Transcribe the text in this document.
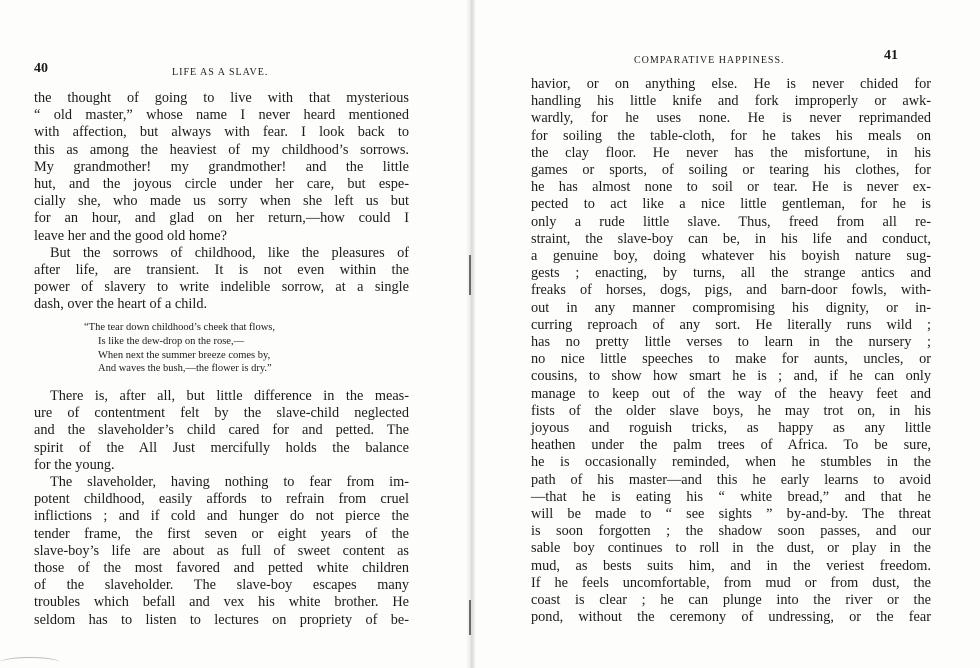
40	LIFE AS A SLAVE.
the thought of going to live with that mysterious
“ old master,” whose name I never heard mentioned
with affection, but always with fear. I look back to
this as among the heaviest of my childhood’s sorrows.
My grandmother! my grandmother! and the little
hut, and the joyous circle under her care, but espe-
cially she, who made us sorry when she left us but
for an hour, and glad on her return,—how could I
leave her and the good old home?
But the sorrows of childhood, like the pleasures of
after life, are transient. It is not even within the
power of slavery to write indelible sorrow, at a single
dash, over the heart of a child.
“The tear down childhood’s cheek that flows,
Is like the dew-drop on the rose,—
When next the summer breeze comes by,
And waves the bush,—the flower is dry.”
There is, after all, but little difference in the meas-
ure of contentment felt by the slave-child neglected
and the slaveholder’s child cared for and petted. The
spirit of the All Just mercifully holds the balance
for the young.
The slaveholder, having nothing to fear from im-
potent childhood, easily affords to refrain from cruel
inflictions ; and if cold and hunger do not pierce the
tender frame, the first seven or eight years of the
slave-boy’s life are about as full of sweet content as
those of the most favored and petted white children
of the slaveholder. The slave-boy escapes many
troubles which befall and vex his white brother. He
seldom has to listen to lectures on propriety of be-
COMPARATIVE HAPPINESS.	41
havior, or on anything else. He is never chided for
handling his little knife and fork improperly or awk-
wardly, for he uses none. He is never reprimanded
for soiling the table-cloth, for he takes his meals on
the clay floor. He never has the misfortune, in his
games or sports, of soiling or tearing his clothes, for
he has almost none to soil or tear. He is never ex-
pected to act like a nice little gentleman, for he is
only a rude little slave. Thus, freed from all re-
straint, the slave-boy can be, in his life and conduct,
a genuine boy, doing whatever his boyish nature sug-
gests ; enacting, by turns, all the strange antics and
freaks of horses, dogs, pigs, and barn-door fowls, with-
out in any manner compromising his dignity, or in-
curring reproach of any sort. He literally runs wild ;
has no pretty little verses to learn in the nursery ;
no nice little speeches to make for aunts, uncles, or
cousins, to show how smart he is ; and, if he can only
manage to keep out of the way of the heavy feet and
fists of the older slave boys, he may trot on, in his
joyous and roguish tricks, as happy as any little
heathen under the palm trees of Africa. To be sure,
he is occasionally reminded, when he stumbles in the
path of his master—and this he early learns to avoid
—that he is eating his “ white bread,” and that he
will be made to “ see sights ” by-and-by. The threat
is soon forgotten ; the shadow soon passes, and our
sable boy continues to roll in the dust, or play in the
mud, as bests suits him, and in the veriest freedom.
If he feels uncomfortable, from mud or from dust, the
coast is clear ; he can plunge into the river or the
pond, without the ceremony of undressing, or the fear
